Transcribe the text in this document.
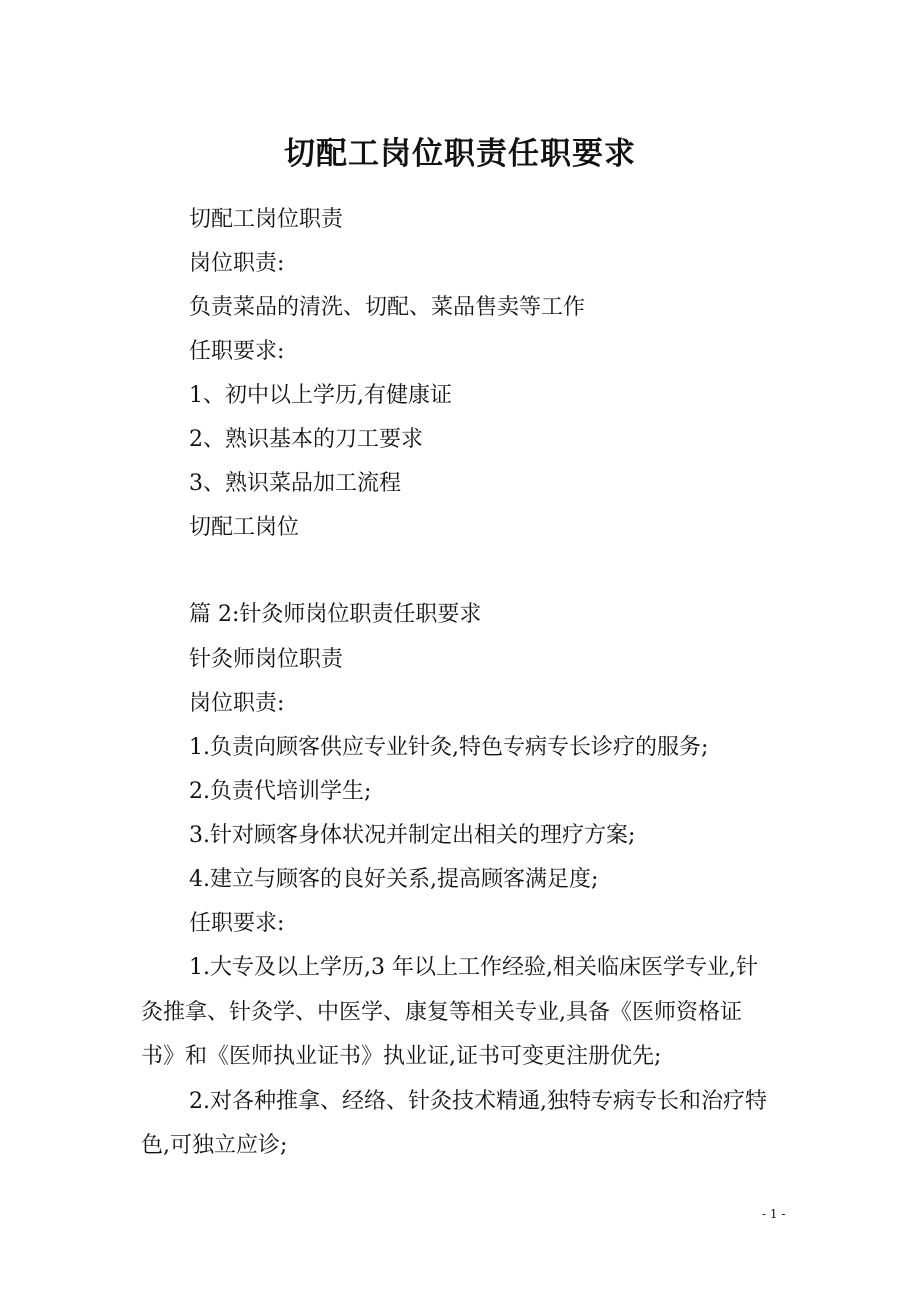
切配工岗位职责任职要求
切配工岗位职责
岗位职责:
负责菜品的清洗、切配、菜品售卖等工作
任职要求:
1、初中以上学历,有健康证
2、熟识基本的刀工要求
3、熟识菜品加工流程
切配工岗位
篇 2:针灸师岗位职责任职要求
针灸师岗位职责
岗位职责:
1.负责向顾客供应专业针灸,特色专病专长诊疗的服务;
2.负责代培训学生;
3.针对顾客身体状况并制定出相关的理疗方案;
4.建立与顾客的良好关系,提高顾客满足度;
任职要求:
1.大专及以上学历,3 年以上工作经验,相关临床医学专业,针灸推拿、针灸学、中医学、康复等相关专业,具备《医师资格证书》和《医师执业证书》执业证,证书可变更注册优先;
2.对各种推拿、经络、针灸技术精通,独特专病专长和治疗特色,可独立应诊;
- 1 -
